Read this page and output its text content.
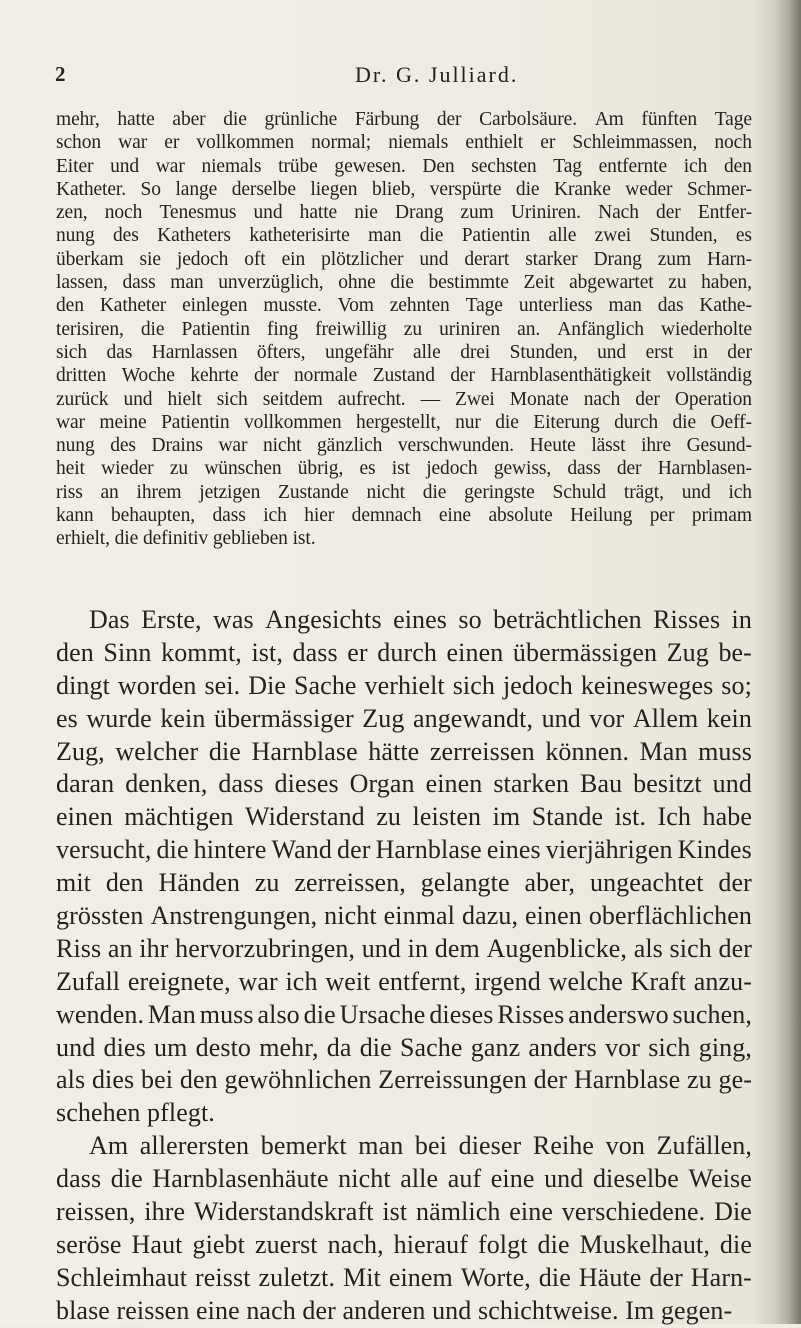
2	Dr. G. Julliard.

mehr, hatte aber die grünliche Färbung der Carbolsäure. Am fünften Tage

schon war er vollkommen normal; niemals enthielt er Schleimmassen, noch

Eiter und war niemals trübe gewesen. Den sechsten Tag entfernte ich den

Katheter. So lange derselbe liegen blieb, verspürte die Kranke weder Schmer-

zen, noch Tenesmus und hatte nie Drang zum Uriniren. Nach der Entfer-

nung des Katheters katheterisirte man die Patientin alle zwei Stunden, es

überkam sie jedoch oft ein plötzlicher und derart starker Drang zum Harn-

lassen, dass man unverzüglich, ohne die bestimmte Zeit abgewartet zu haben,

den Katheter einlegen musste. Vom zehnten Tage unterliess man das Kathe-

terisiren, die Patientin fing freiwillig zu uriniren an. Anfänglich wiederholte

sich das Harnlassen öfters, ungefähr alle drei Stunden, und erst in der

dritten Woche kehrte der normale Zustand der Harnblasenthätigkeit vollständig

zurück und hielt sich seitdem aufrecht. — Zwei Monate nach der Operation

war meine Patientin vollkommen hergestellt, nur die Eiterung durch die Oeff-

nung des Drains war nicht gänzlich verschwunden. Heute lässt ihre Gesund-

heit wieder zu wünschen übrig, es ist jedoch gewiss, dass der Harnblasen-

riss an ihrem jetzigen Zustande nicht die geringste Schuld trägt, und ich

kann behaupten, dass ich hier demnach eine absolute Heilung per primam

erhielt, die definitiv geblieben ist.

Das Erste, was Angesichts eines so beträchtlichen Risses in

den Sinn kommt, ist, dass er durch einen übermässigen Zug be-

dingt worden sei. Die Sache verhielt sich jedoch keinesweges so;

es wurde kein übermässiger Zug angewandt, und vor Allem kein

Zug, welcher die Harnblase hätte zerreissen können. Man muss

daran denken, dass dieses Organ einen starken Bau besitzt und

einen mächtigen Widerstand zu leisten im Stande ist. Ich habe

versucht, die hintere Wand der Harnblase eines vierjährigen Kindes

mit den Händen zu zerreissen, gelangte aber, ungeachtet der

grössten Anstrengungen, nicht einmal dazu, einen oberflächlichen

Riss an ihr hervorzubringen, und in dem Augenblicke, als sich der

Zufall ereignete, war ich weit entfernt, irgend welche Kraft anzu-

wenden. Man muss also die Ursache dieses Risses anderswo suchen,

und dies um desto mehr, da die Sache ganz anders vor sich ging,

als dies bei den gewöhnlichen Zerreissungen der Harnblase zu ge-

schehen pflegt.

Am allerersten bemerkt man bei dieser Reihe von Zufällen,

dass die Harnblasenhäute nicht alle auf eine und dieselbe Weise

reissen, ihre Widerstandskraft ist nämlich eine verschiedene. Die

seröse Haut giebt zuerst nach, hierauf folgt die Muskelhaut, die

Schleimhaut reisst zuletzt. Mit einem Worte, die Häute der Harn-

blase reissen eine nach der anderen und schichtweise. Im gegen-
